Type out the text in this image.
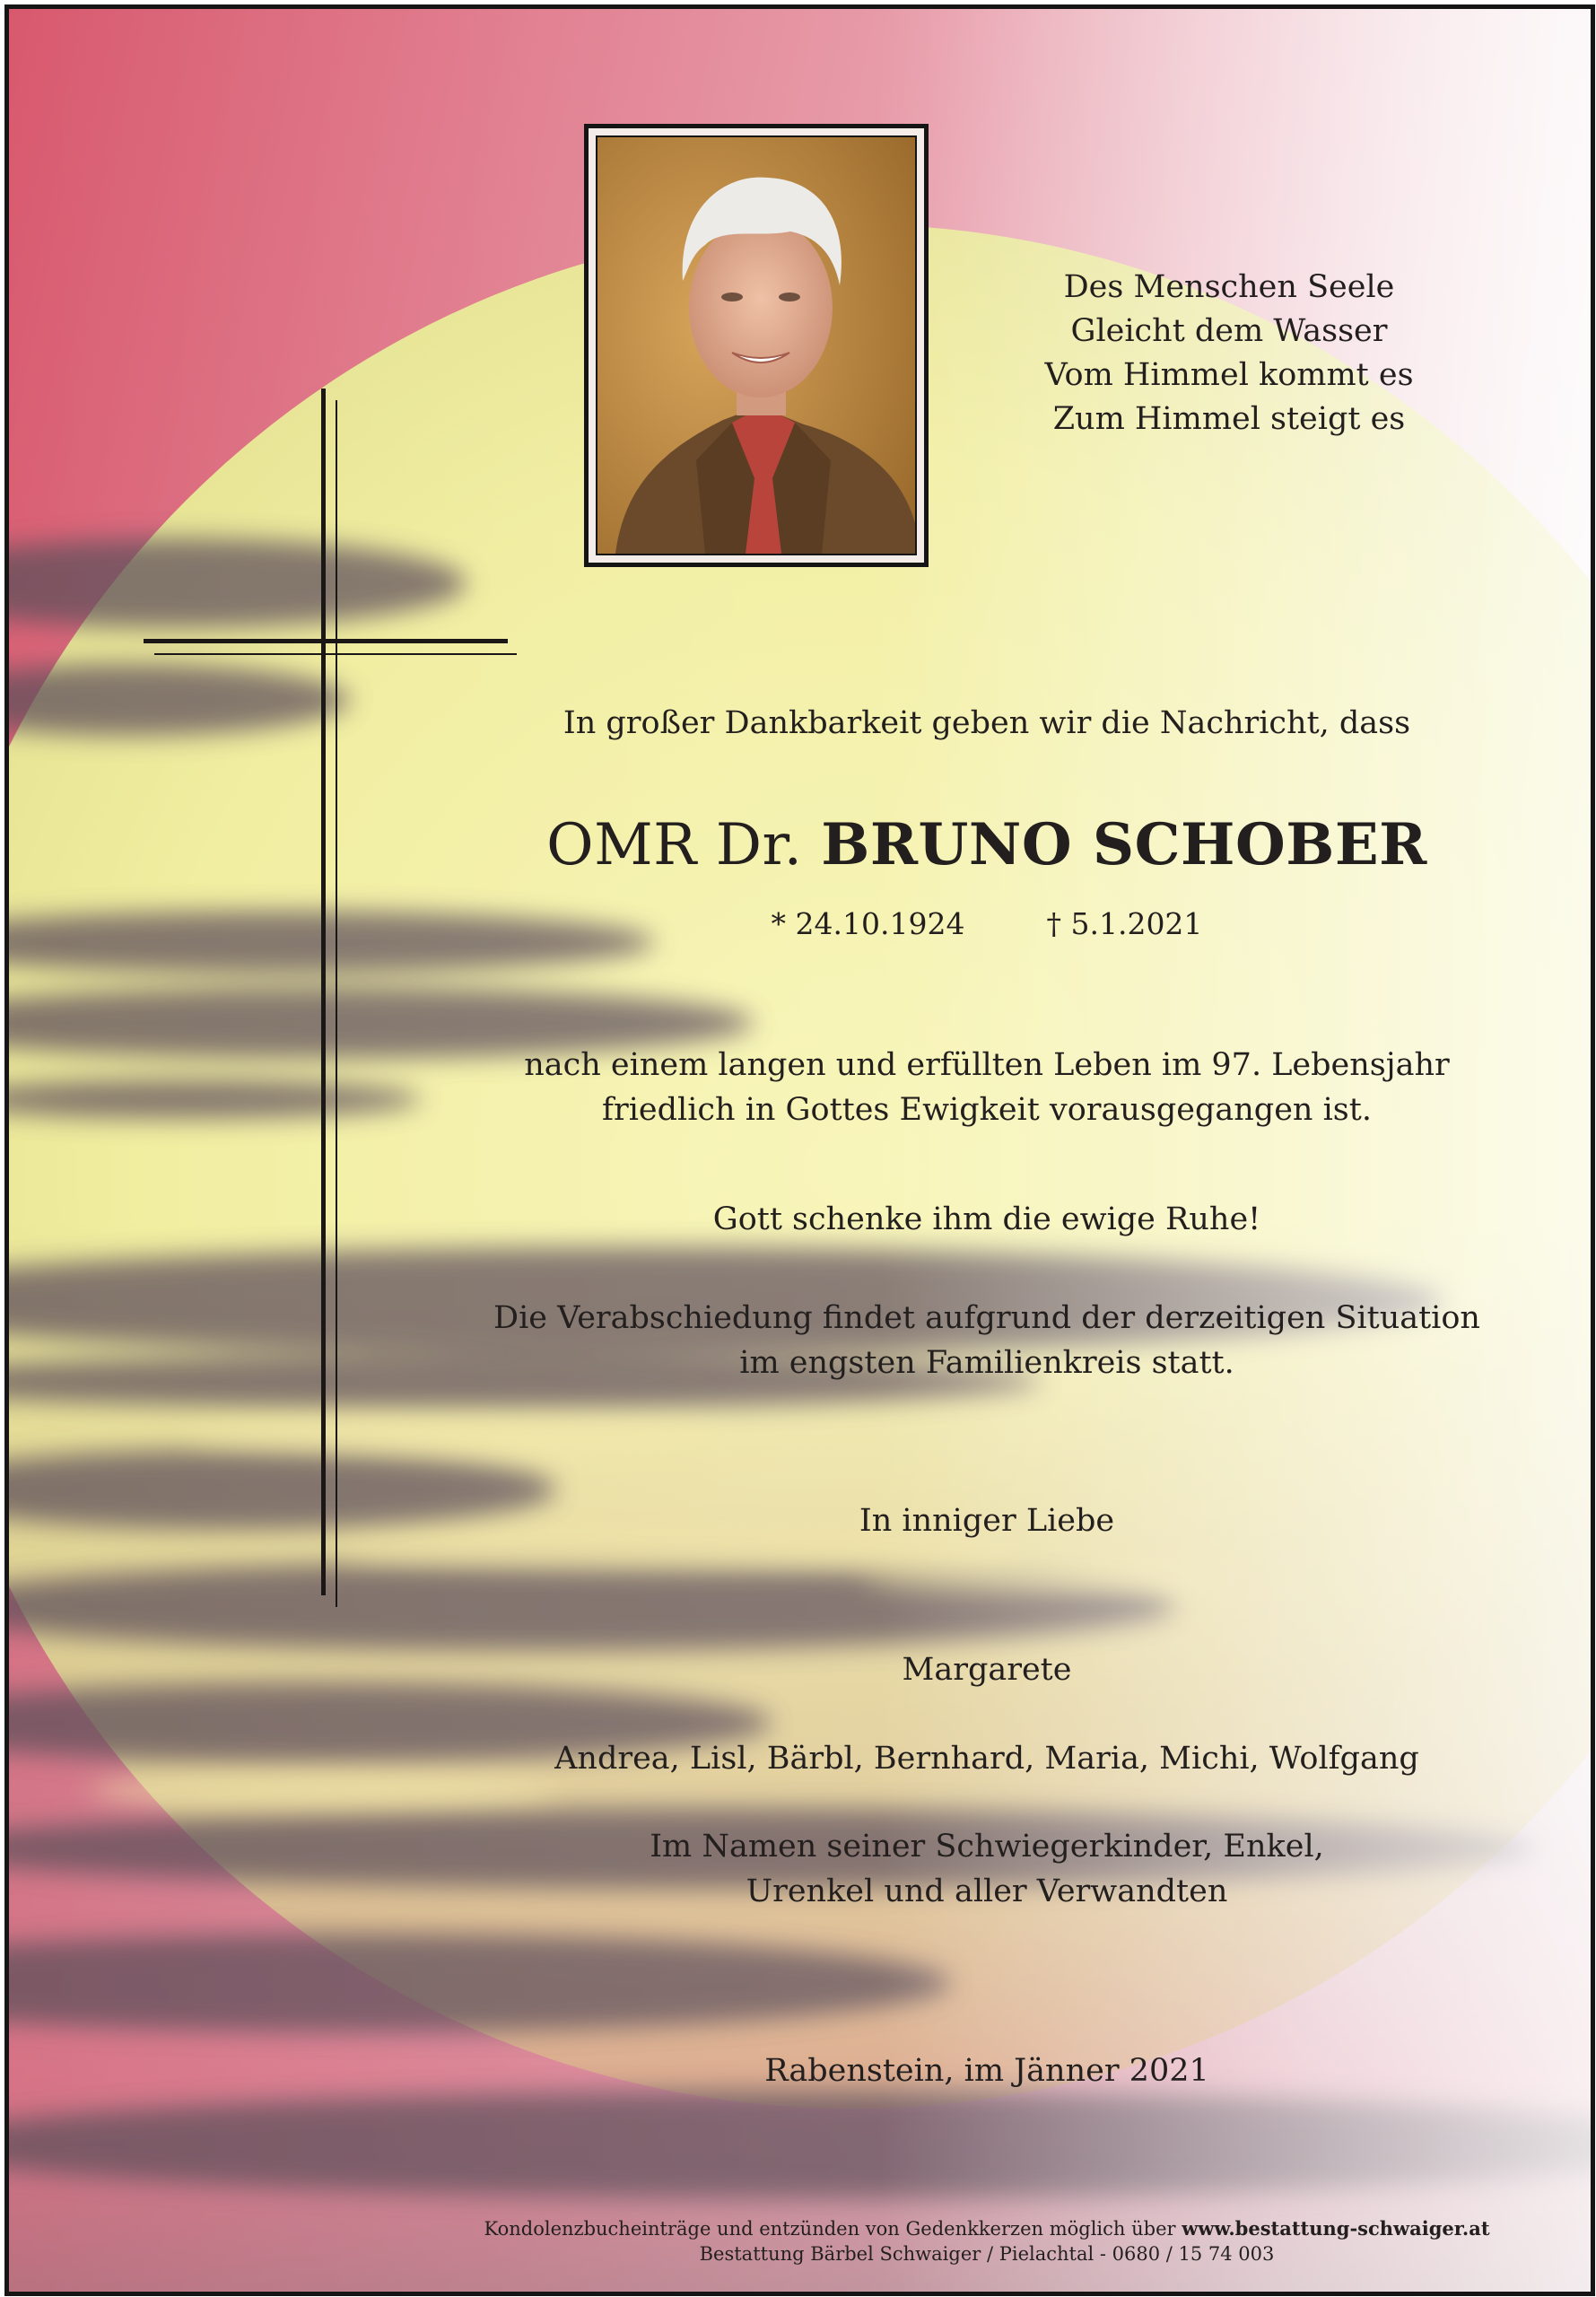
Des Menschen Seele
Gleicht dem Wasser
Vom Himmel kommt es
Zum Himmel steigt es
In großer Dankbarkeit geben wir die Nachricht, dass
OMR Dr. BRUNO SCHOBER
* 24.10.1924	† 5.1.2021
nach einem langen und erfüllten Leben im 97. Lebensjahr
friedlich in Gottes Ewigkeit vorausgegangen ist.
Gott schenke ihm die ewige Ruhe!
Die Verabschiedung findet aufgrund der derzeitigen Situation
im engsten Familienkreis statt.
In inniger Liebe
Margarete
Andrea, Lisl, Bärbl, Bernhard, Maria, Michi, Wolfgang
Im Namen seiner Schwiegerkinder, Enkel,
Urenkel und aller Verwandten
Rabenstein, im Jänner 2021
Kondolenzbucheinträge und entzünden von Gedenkkerzen möglich über www.bestattung-schwaiger.at
Bestattung Bärbel Schwaiger / Pielachtal - 0680 / 15 74 003
